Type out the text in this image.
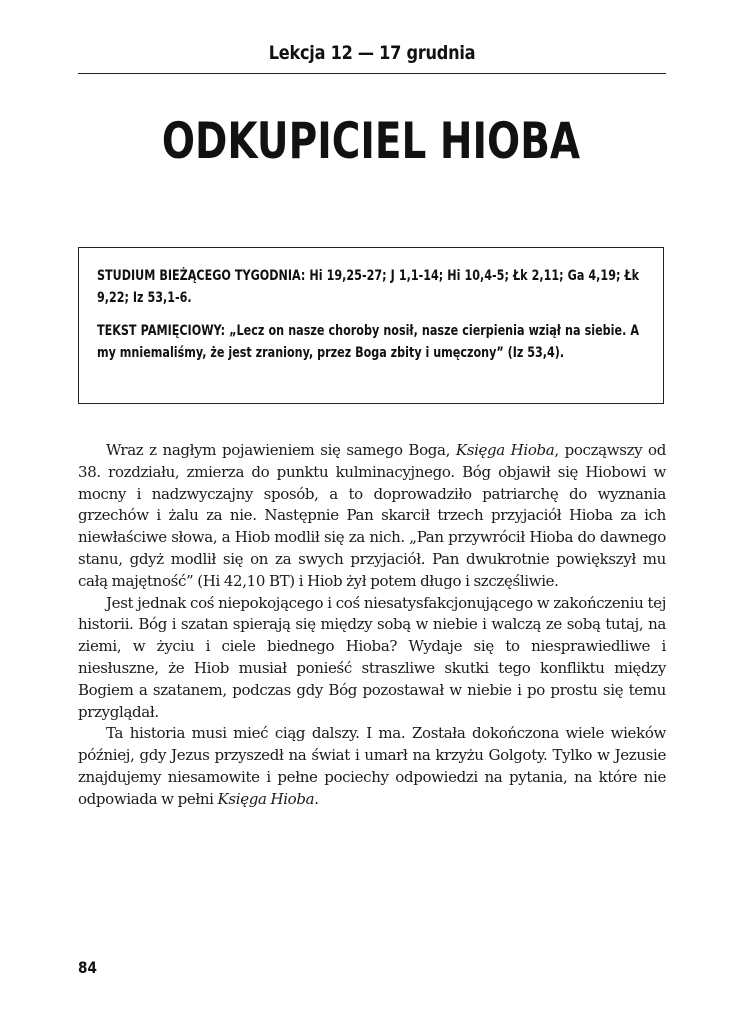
Lekcja 12 — 17 grudnia
ODKUPICIEL HIOBA

STUDIUM BIEŻĄCEGO TYGODNIA: Hi 19,25-27; J 1,1-14; Hi 10,4-5; Łk 2,11; Ga 4,19; Łk 9,22; Iz 53,1-6.

TEKST PAMIĘCIOWY: „Lecz on nasze choroby nosił, nasze cierpienia wziął na siebie. A my mniemaliśmy, że jest zraniony, przez Boga zbity i umęczony” (Iz 53,4).

Wraz z nagłym pojawieniem się samego Boga, Księga Hioba, począwszy od 38. rozdziału, zmierza do punktu kulminacyjnego. Bóg objawił się Hiobowi w mocny i nadzwyczajny sposób, a to doprowadziło patriarchę do wyznania grzechów i żalu za nie. Następnie Pan skarcił trzech przyjaciół Hioba za ich niewłaściwe słowa, a Hiob modlił się za nich. „Pan przywrócił Hioba do dawnego stanu, gdyż modlił się on za swych przyjaciół. Pan dwukrotnie powiększył mu całą majętność” (Hi 42,10 BT) i Hiob żył potem długo i szczęśliwie.

Jest jednak coś niepokojącego i coś niesatysfakcjonującego w zakończeniu tej historii. Bóg i szatan spierają się między sobą w niebie i walczą ze sobą tutaj, na ziemi, w życiu i ciele biednego Hioba? Wydaje się to niesprawiedliwe i niesłuszne, że Hiob musiał ponieść straszliwe skutki tego konfliktu między Bogiem a szatanem, podczas gdy Bóg pozostawał w niebie i po prostu się temu przyglądał.

Ta historia musi mieć ciąg dalszy. I ma. Została dokończona wiele wieków później, gdy Jezus przyszedł na świat i umarł na krzyżu Golgoty. Tylko w Jezusie znajdujemy niesamowite i pełne pociechy odpowiedzi na pytania, na które nie odpowiada w pełni Księga Hioba.

84
